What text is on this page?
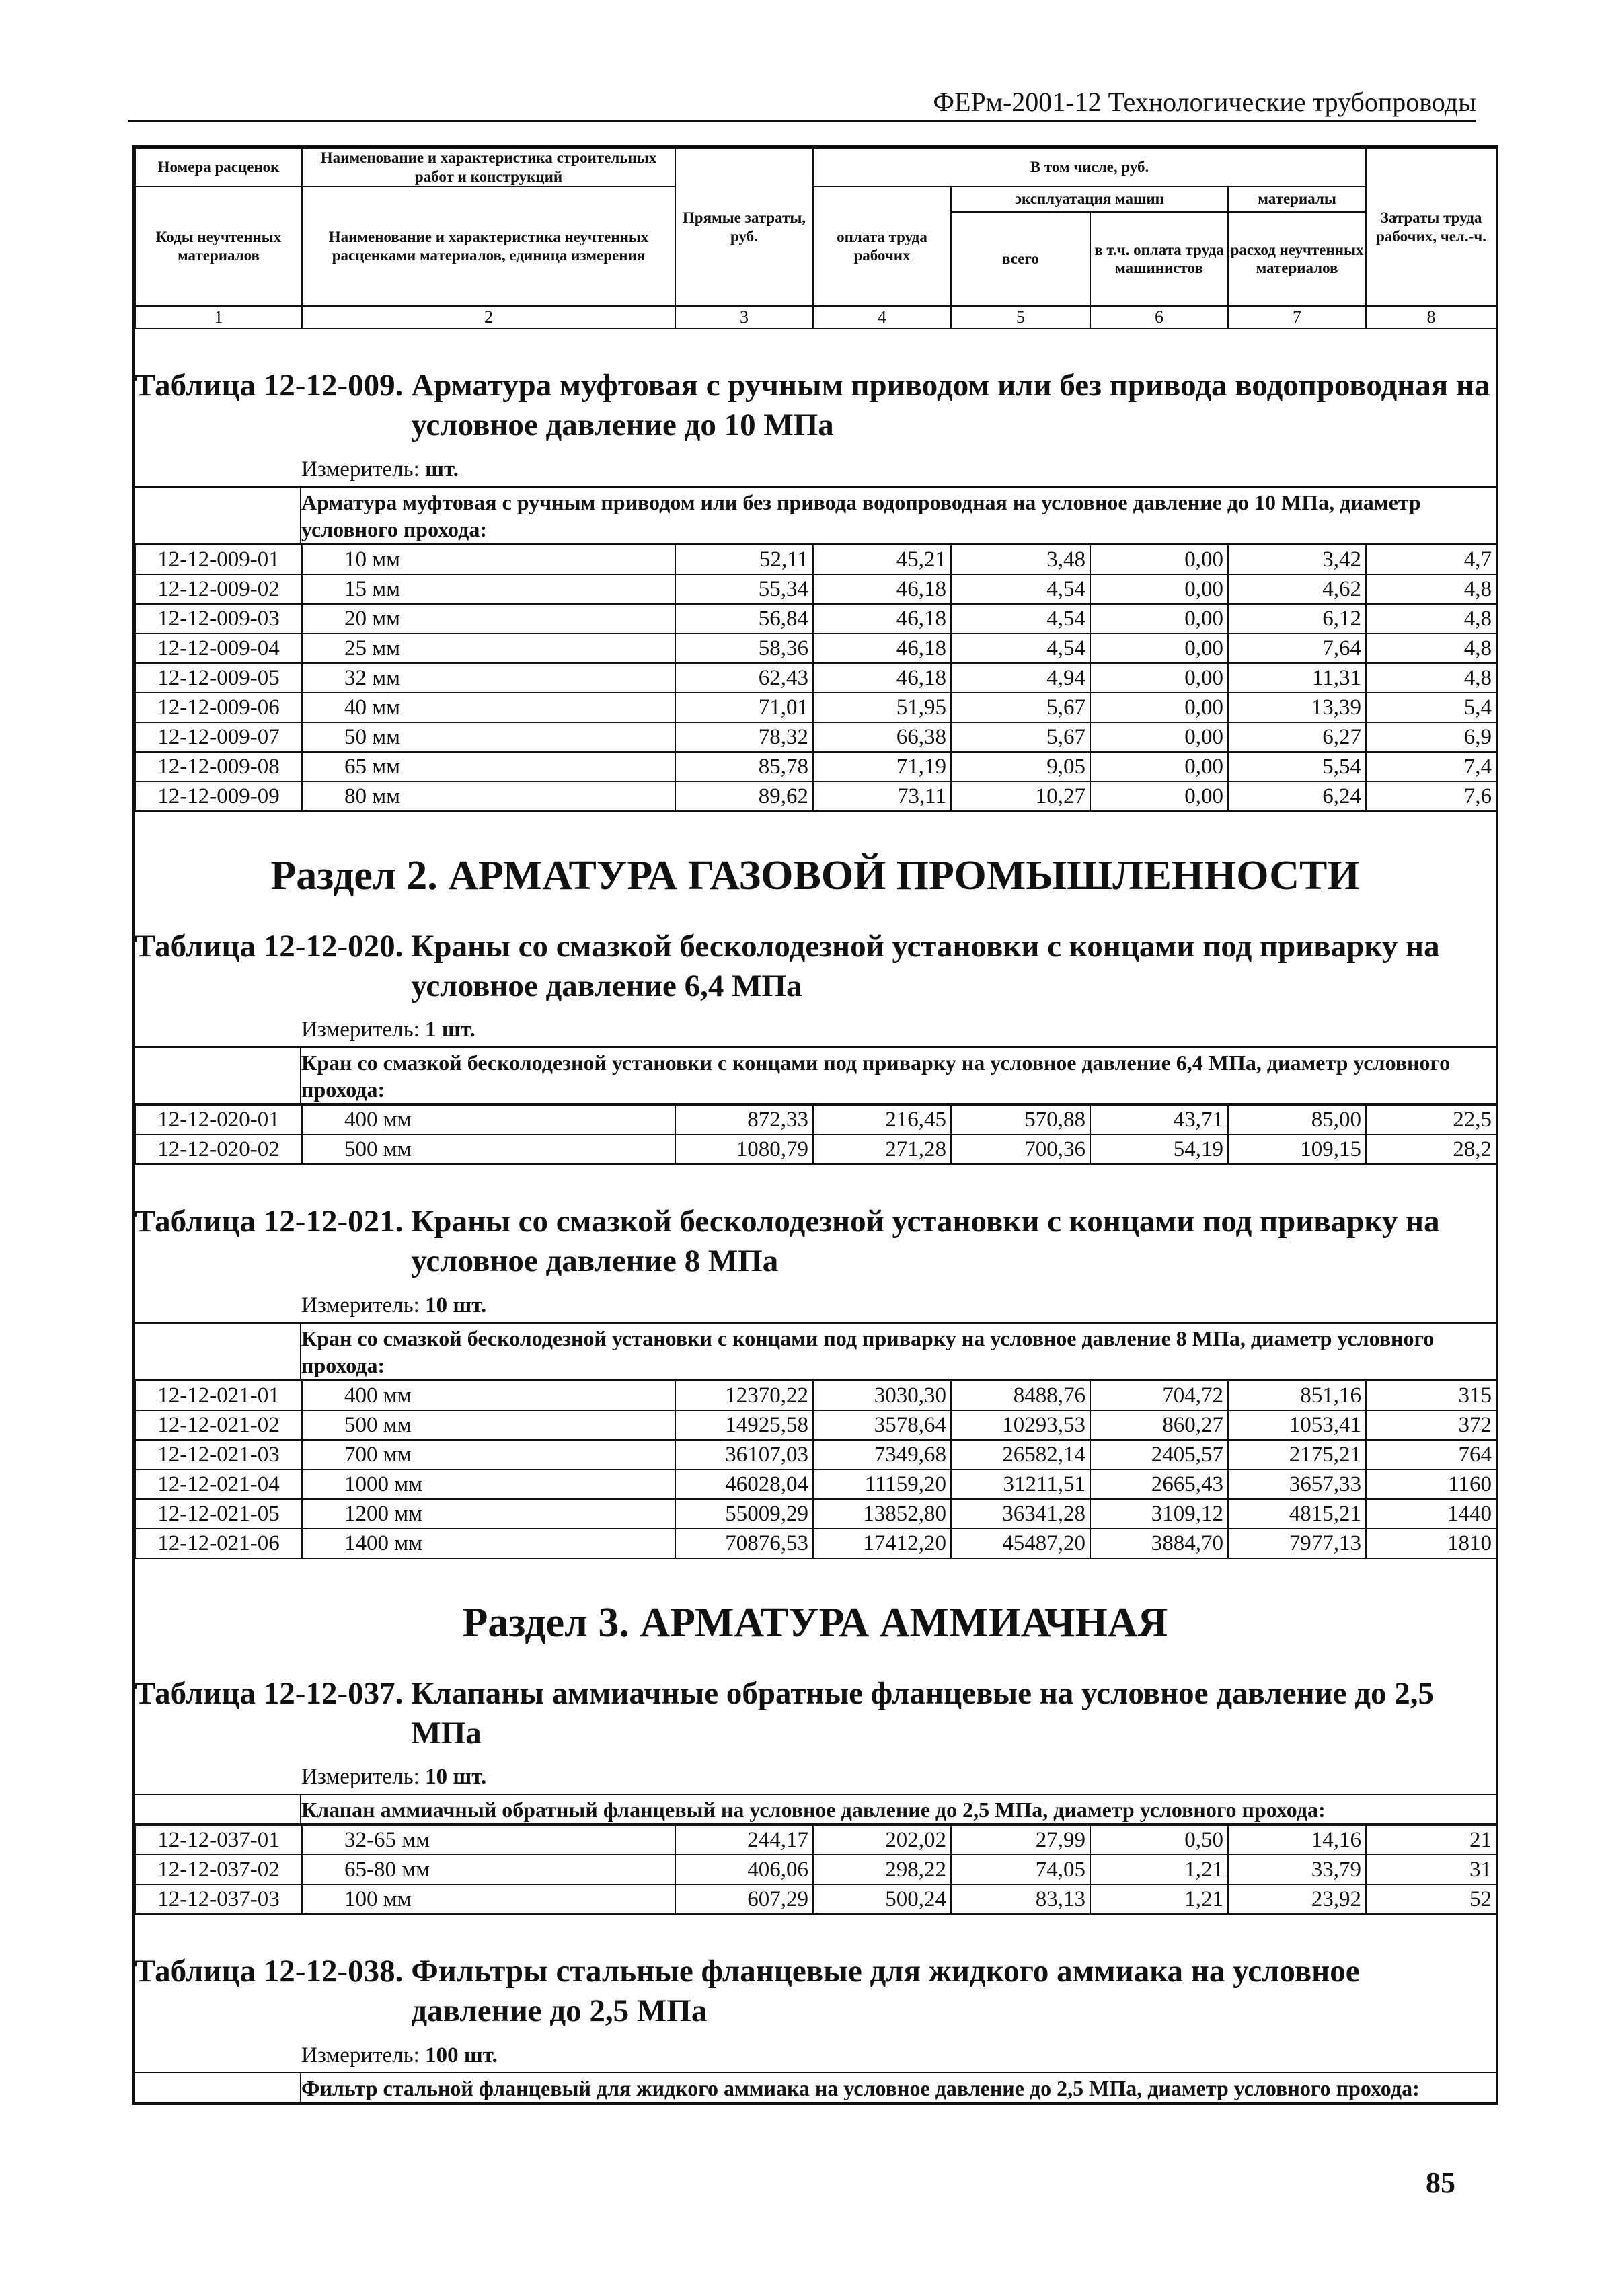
ФЕРм-2001-12 Технологические трубопроводы
Номера расценок	Наименование и характеристика строительных работ и конструкций	Прямые затраты, руб.	В том числе, руб.				Затраты труда рабочих, чел.-ч.
Коды неучтенных материалов	Наименование и характеристика неучтенных расценками материалов, единица измерения		оплата труда рабочих	эксплуатация машин		материалы	
				всего	в т.ч. оплата труда машинистов	расход неучтенных материалов	
1	2	3	4	5	6	7	8
Таблица 12-12-009. Арматура муфтовая с ручным приводом или без привода водопроводная на условное давление до 10 МПа
Измеритель: шт.
Арматура муфтовая с ручным приводом или без привода водопроводная на условное давление до 10 МПа, диаметр условного прохода:
12-12-009-01	10 мм	52,11	45,21	3,48	0,00	3,42	4,7
12-12-009-02	15 мм	55,34	46,18	4,54	0,00	4,62	4,8
12-12-009-03	20 мм	56,84	46,18	4,54	0,00	6,12	4,8
12-12-009-04	25 мм	58,36	46,18	4,54	0,00	7,64	4,8
12-12-009-05	32 мм	62,43	46,18	4,94	0,00	11,31	4,8
12-12-009-06	40 мм	71,01	51,95	5,67	0,00	13,39	5,4
12-12-009-07	50 мм	78,32	66,38	5,67	0,00	6,27	6,9
12-12-009-08	65 мм	85,78	71,19	9,05	0,00	5,54	7,4
12-12-009-09	80 мм	89,62	73,11	10,27	0,00	6,24	7,6
Раздел 2. АРМАТУРА ГАЗОВОЙ ПРОМЫШЛЕННОСТИ
Таблица 12-12-020. Краны со смазкой бесколодезной установки с концами под приварку на условное давление 6,4 МПа
Измеритель: 1 шт.
Кран со смазкой бесколодезной установки с концами под приварку на условное давление 6,4 МПа, диаметр условного прохода:
12-12-020-01	400 мм	872,33	216,45	570,88	43,71	85,00	22,5
12-12-020-02	500 мм	1080,79	271,28	700,36	54,19	109,15	28,2
Таблица 12-12-021. Краны со смазкой бесколодезной установки с концами под приварку на условное давление 8 МПа
Измеритель: 10 шт.
Кран со смазкой бесколодезной установки с концами под приварку на условное давление 8 МПа, диаметр условного прохода:
12-12-021-01	400 мм	12370,22	3030,30	8488,76	704,72	851,16	315
12-12-021-02	500 мм	14925,58	3578,64	10293,53	860,27	1053,41	372
12-12-021-03	700 мм	36107,03	7349,68	26582,14	2405,57	2175,21	764
12-12-021-04	1000 мм	46028,04	11159,20	31211,51	2665,43	3657,33	1160
12-12-021-05	1200 мм	55009,29	13852,80	36341,28	3109,12	4815,21	1440
12-12-021-06	1400 мм	70876,53	17412,20	45487,20	3884,70	7977,13	1810
Раздел 3. АРМАТУРА АММИАЧНАЯ
Таблица 12-12-037. Клапаны аммиачные обратные фланцевые на условное давление до 2,5 МПа
Измеритель: 10 шт.
Клапан аммиачный обратный фланцевый на условное давление до 2,5 МПа, диаметр условного прохода:
12-12-037-01	32-65 мм	244,17	202,02	27,99	0,50	14,16	21
12-12-037-02	65-80 мм	406,06	298,22	74,05	1,21	33,79	31
12-12-037-03	100 мм	607,29	500,24	83,13	1,21	23,92	52
Таблица 12-12-038. Фильтры стальные фланцевые для жидкого аммиака на условное давление до 2,5 МПа
Измеритель: 100 шт.
Фильтр стальной фланцевый для жидкого аммиака на условное давление до 2,5 МПа, диаметр условного прохода:
85
